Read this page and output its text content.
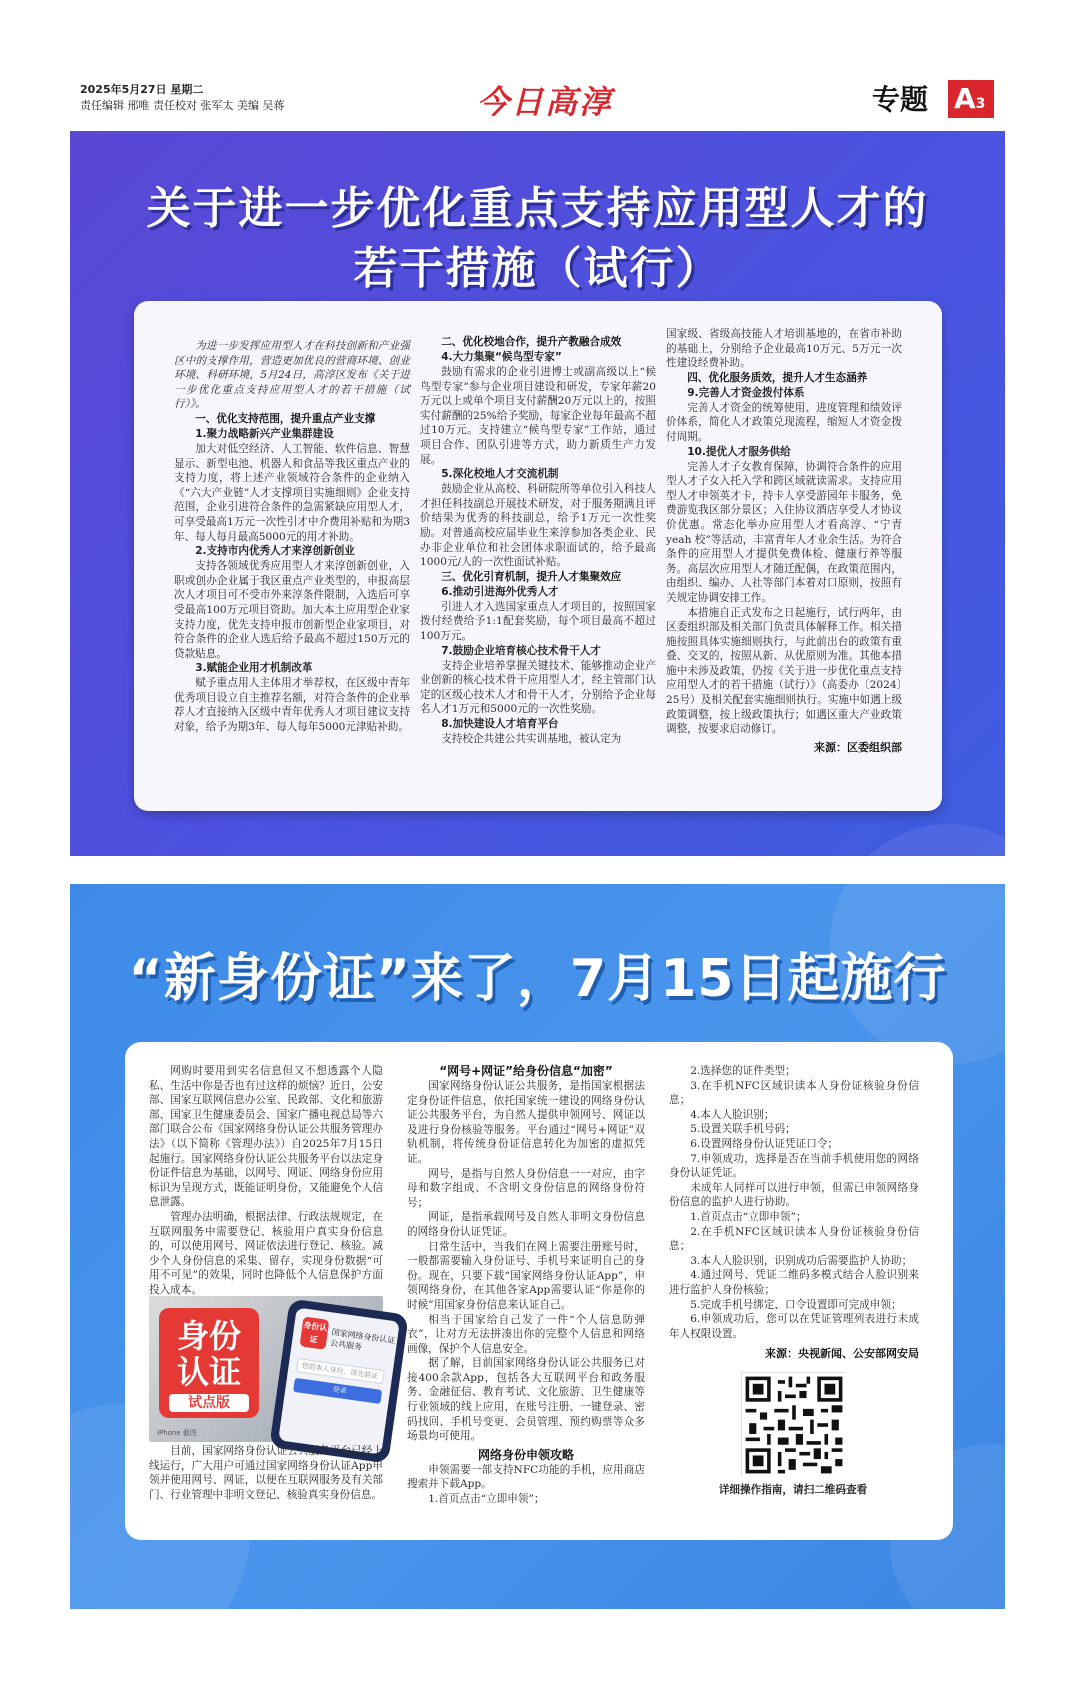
2025年5月27日 星期二
责任编辑 邢唯 责任校对 张军太 美编 吴蒋	今日高淳	专题 A3
关于进一步优化重点支持应用型人才的
若干措施（试行）

为进一步发挥应用型人才在科技创新和产业强区中的支撑作用，营造更加优良的营商环境、创业环境、科研环境，5月24日，高淳区发布《关于进一步优化重点支持应用型人才的若干措施（试行）》。

一、优化支持范围，提升重点产业支撑
1.聚力战略新兴产业集群建设

加大对低空经济、人工智能、软件信息、智慧显示、新型电池、机器人和食品等我区重点产业的支持力度，将上述产业领域符合条件的企业纳入《“六大产业链”人才支撑项目实施细则》企业支持范围，企业引进符合条件的急需紧缺应用型人才，可享受最高1万元一次性引才中介费用补贴和为期3年、每人每月最高5000元的用才补助。

2.支持市内优秀人才来淳创新创业

支持各领域优秀应用型人才来淳创新创业，入职或创办企业属于我区重点产业类型的，申报高层次人才项目可不受市外来淳条件限制，入选后可享受最高100万元项目资助。加大本土应用型企业家支持力度，优先支持申报市创新型企业家项目，对符合条件的企业人选后给予最高不超过150万元的贷款贴息。

3.赋能企业用才机制改革

赋予重点用人主体用才举荐权，在区级中青年优秀项目设立自主推荐名额，对符合条件的企业举荐人才直接纳入区级中青年优秀人才项目建议支持对象，给予为期3年、每人每年5000元津贴补助。

二、优化校地合作，提升产教融合成效
4.大力集聚“候鸟型专家”

鼓励有需求的企业引进博士或副高级以上“候鸟型专家”参与企业项目建设和研发，专家年薪20万元以上或单个项目支付薪酬20万元以上的，按照实付薪酬的25%给予奖励，每家企业每年最高不超过10万元。支持建立“候鸟型专家”工作站，通过项目合作、团队引进等方式，助力新质生产力发展。

5.深化校地人才交流机制

鼓励企业从高校、科研院所等单位引入科技人才担任科技副总开展技术研发，对于服务期满且评价结果为优秀的科技副总，给予1万元一次性奖励。对普通高校应届毕业生来淳参加各类企业、民办非企业单位和社会团体求职面试的，给予最高1000元/人的一次性面试补贴。

三、优化引育机制，提升人才集聚效应
6.推动引进海外优秀人才

引进人才入选国家重点人才项目的，按照国家拨付经费给予1:1配套奖励，每个项目最高不超过100万元。

7.鼓励企业培育核心技术骨干人才

支持企业培养掌握关键技术、能够推动企业产业创新的核心技术骨干应用型人才，经主管部门认定的区级心技术人才和骨干人才，分别给予企业每名人才1万元和5000元的一次性奖励。

8.加快建设人才培育平台

支持校企共建公共实训基地，被认定为

国家级、省级高技能人才培训基地的，在省市补助的基础上，分别给予企业最高10万元、5万元一次性建设经费补助。

四、优化服务质效，提升人才生态涵养
9.完善人才资金拨付体系

完善人才资金的统筹使用、进度管理和绩效评价体系，简化人才政策兑现流程，缩短人才资金拨付周期。

10.提优人才服务供给

完善人才子女教育保障，协调符合条件的应用型人才子女入托入学和跨区域就读需求。支持应用型人才申领英才卡，持卡人享受游园年卡服务，免费游览我区部分景区；入住协议酒店享受人才协议价优惠。常态化举办应用型人才看高淳、“宁青yeah 校”等活动，丰富青年人才业余生活。为符合条件的应用型人才提供免费体检、健康行养等服务。高层次应用型人才随迁配偶，在政策范围内，由组织、编办、人社等部门本着对口原则，按照有关规定协调安排工作。

本措施自正式发布之日起施行，试行两年，由区委组织部及相关部门负责具体解释工作。相关措施按照具体实施细则执行，与此前出台的政策有重叠、交叉的，按照从新、从优原则为准。其他本措施中未涉及政策，仍按《关于进一步优化重点支持应用型人才的若干措施（试行）》（高委办〔2024〕25号）及相关配套实施细则执行。实施中如遇上级政策调整，按上级政策执行；如遇区重大产业政策调整，按要求启动修订。

来源：区委组织部
“新身份证”来了，7月15日起施行

网购时要用到实名信息但又不想透露个人隐私、生活中你是否也有过这样的烦恼？近日，公安部、国家互联网信息办公室、民政部、文化和旅游部、国家卫生健康委员会、国家广播电视总局等六部门联合公布《国家网络身份认证公共服务管理办法》（以下简称《管理办法》）自2025年7月15日起施行。国家网络身份认证公共服务平台以法定身份证件信息为基础，以网号、网证、网络身份应用标识为呈现方式，既能证明身份，又能避免个人信息泄露。

管理办法明确，根据法律、行政法规规定，在互联网服务中需要登记、核验用户真实身份信息的，可以使用网号、网证依法进行登记、核验。减少个人身份信息的采集、留存，实现身份数据“可用不可见”的效果，同时也降低个人信息保护方面投入成本。

身份
认证
试点版
身份认证	国家网络身份认证公共服务
您的本人身份，请先验证
登录
iPhone 截图

目前，国家网络身份认证公共服务平台已经上线运行，广大用户可通过国家网络身份认证App申领并使用网号、网证，以便在互联网服务及有关部门、行业管理中非明文登记、核验真实身份信息。

“网号+网证”给身份信息“加密”

国家网络身份认证公共服务，是指国家根据法定身份证件信息，依托国家统一建设的网络身份认证公共服务平台，为自然人提供申领网号、网证以及进行身份核验等服务。平台通过“网号+网证”双轨机制，将传统身份证信息转化为加密的虚拟凭证。

网号，是指与自然人身份信息一一对应，由字母和数字组成、不含明文身份信息的网络身份符号；

网证，是指承载网号及自然人非明文身份信息的网络身份认证凭证。

日常生活中，当我们在网上需要注册账号时，一般都需要输入身份证号、手机号来证明自己的身份。现在，只要下载“国家网络身份认证App”，申领网络身份，在其他各家App需要认证“你是你的时候”用国家身份信息来认证自己。

相当于国家给自己发了一件“个人信息防弹衣”，让对方无法拼凑出你的完整个人信息和网络画像，保护个人信息安全。

据了解，目前国家网络身份认证公共服务已对接400余款App，包括各大互联网平台和政务服务、金融征信、教育考试、文化旅游、卫生健康等行业领域的线上应用，在账号注册、一键登录、密码找回、手机号变更、会员管理、预约购票等众多场景均可使用。

网络身份申领攻略

申领需要一部支持NFC功能的手机，应用商店搜索并下载App。

1.首页点击“立即申领”；

2.选择您的证件类型；

3.在手机NFC区域识读本人身份证核验身份信息；

4.本人人脸识别；

5.设置关联手机号码；

6.设置网络身份认证凭证口令；

7.申领成功，选择是否在当前手机使用您的网络身份认证凭证。

未成年人同样可以进行申领，但需已申领网络身份信息的监护人进行协助。

1.首页点击“立即申领”；

2.在手机NFC区域识读本人身份证核验身份信息；

3.本人人脸识别，识别成功后需要监护人协助；

4.通过网号、凭证二维码多模式结合人脸识别来进行监护人身份核验；

5.完成手机号绑定、口令设置即可完成申领；

6.申领成功后，您可以在凭证管理列表进行未成年人权限设置。

来源：央视新闻、公安部网安局
详细操作指南，请扫二维码查看
